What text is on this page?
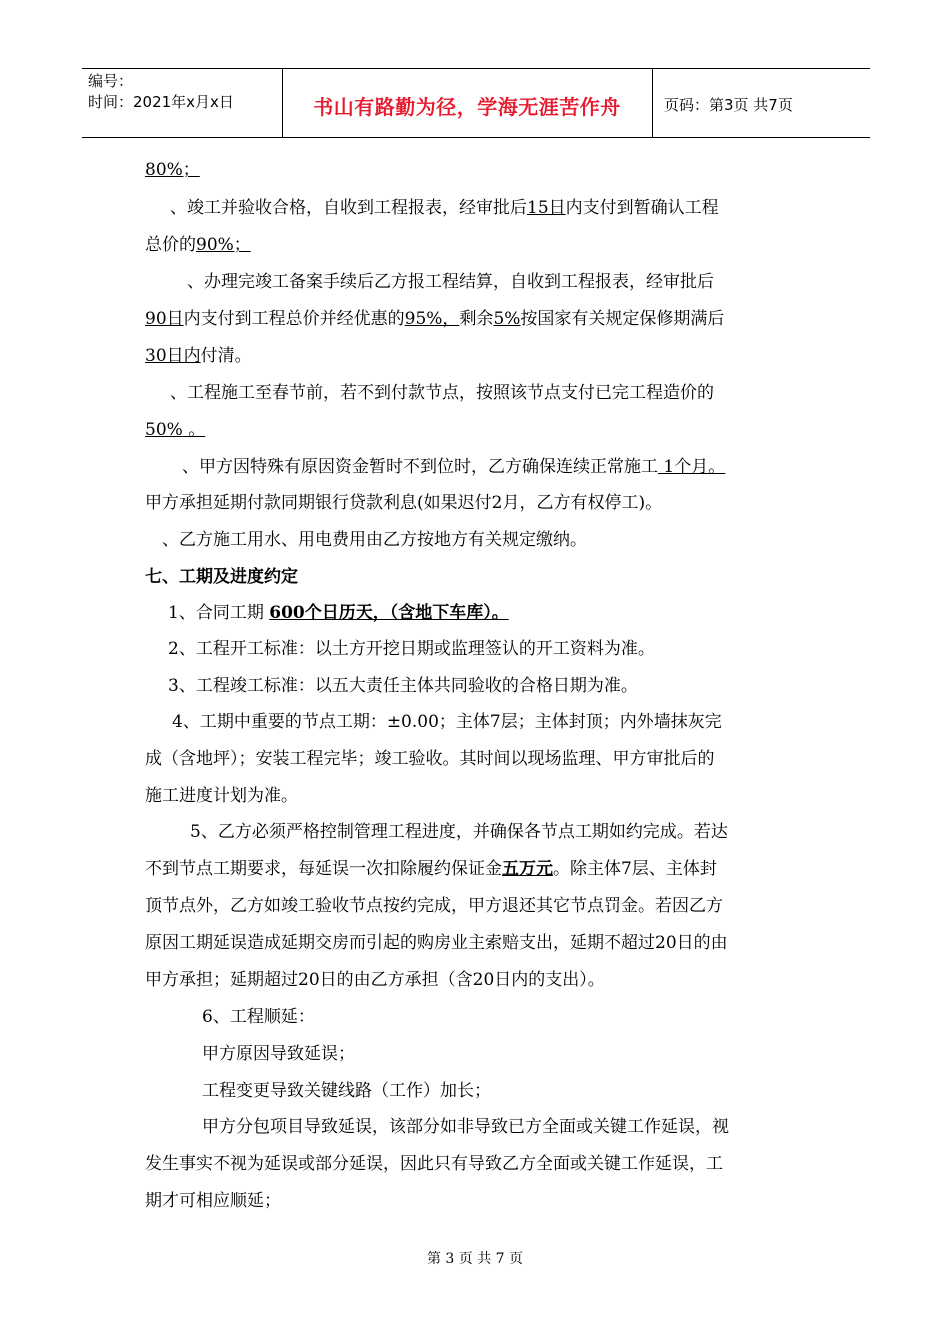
编号：
时间：2021年x月x日	书山有路勤为径，学海无涯苦作舟	页码：第3页 共7页
80%；
、竣工并验收合格，自收到工程报表，经审批后15日内支付到暂确认工程
总价的90%；
、办理完竣工备案手续后乙方报工程结算，自收到工程报表，经审批后
90日内支付到工程总价并经优惠的95%，剩余5%按国家有关规定保修期满后
30日内付清。
、工程施工至春节前，若不到付款节点，按照该节点支付已完工程造价的
50% 。
、甲方因特殊有原因资金暂时不到位时，乙方确保连续正常施工 1个月。
甲方承担延期付款同期银行贷款利息(如果迟付2月，乙方有权停工)。
、乙方施工用水、用电费用由乙方按地方有关规定缴纳。
七、工期及进度约定
1、合同工期 600个日历天，（含地下车库）。
2、工程开工标准：以土方开挖日期或监理签认的开工资料为准。
3、工程竣工标准：以五大责任主体共同验收的合格日期为准。
4、工期中重要的节点工期：±0.00；主体7层；主体封顶；内外墙抹灰完
成（含地坪）；安装工程完毕；竣工验收。其时间以现场监理、甲方审批后的
施工进度计划为准。
5、乙方必须严格控制管理工程进度，并确保各节点工期如约完成。若达
不到节点工期要求，每延误一次扣除履约保证金五万元。除主体7层、主体封
顶节点外，乙方如竣工验收节点按约完成，甲方退还其它节点罚金。若因乙方
原因工期延误造成延期交房而引起的购房业主索赔支出，延期不超过20日的由
甲方承担；延期超过20日的由乙方承担（含20日内的支出）。
6、工程顺延：
甲方原因导致延误；
工程变更导致关键线路（工作）加长；
甲方分包项目导致延误，该部分如非导致已方全面或关键工作延误，视
发生事实不视为延误或部分延误，因此只有导致乙方全面或关键工作延误，工
期才可相应顺延；
第 3 页 共 7 页
